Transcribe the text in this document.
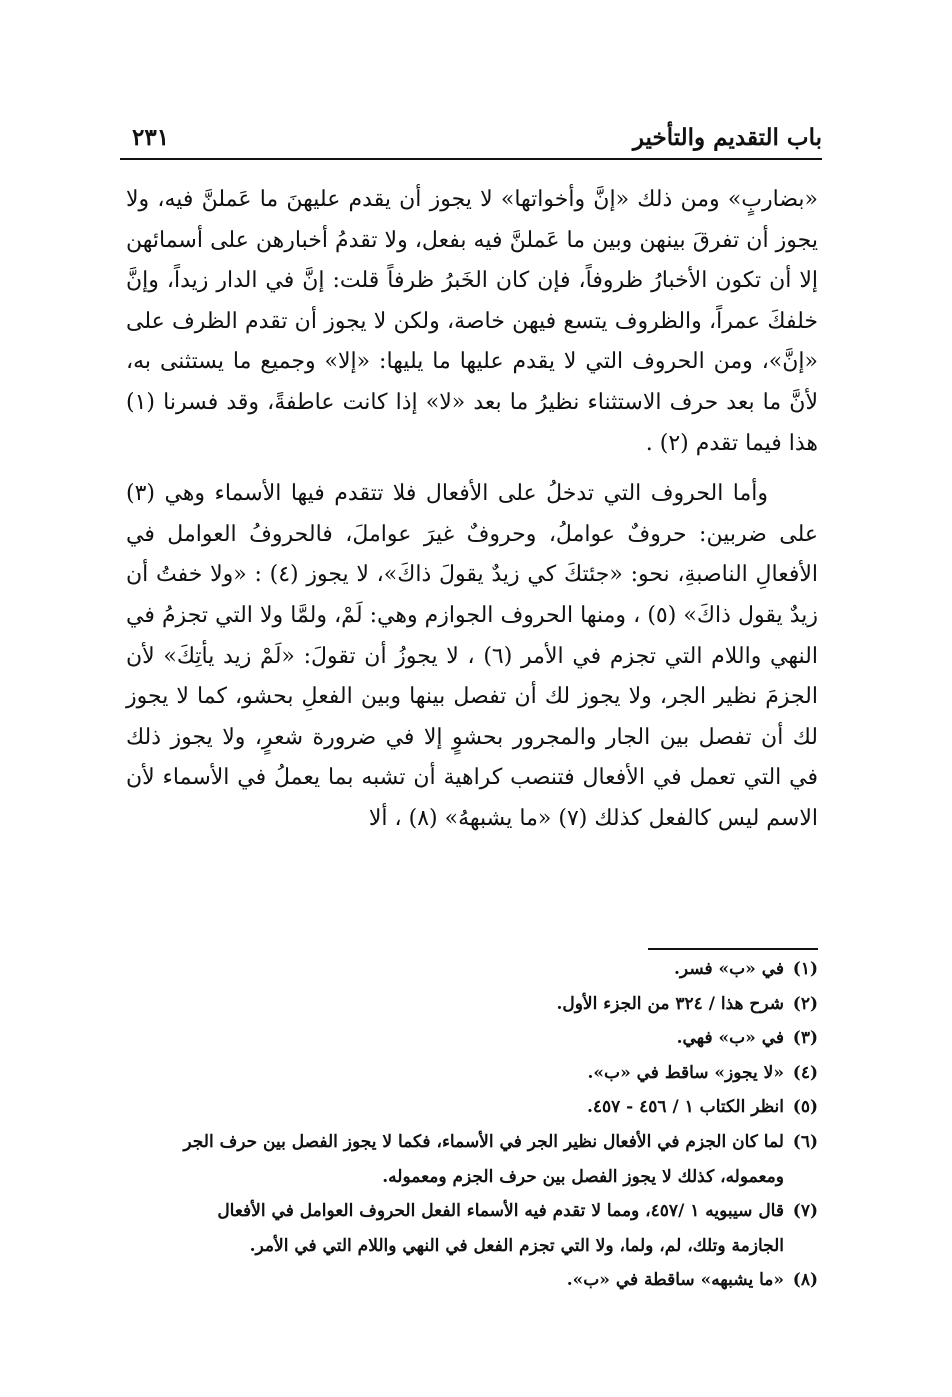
باب التقديم والتأخير
٢٣١

«بضاربٍ» ومن ذلك «إنَّ وأخواتها» لا يجوز أن يقدم عليهنَ ما عَملنَّ فيه، ولا يجوز أن تفرقَ بينهن وبين ما عَملنَّ فيه بفعل، ولا تقدمُ أخبارهن على أسمائهن إلا أن تكون الأخبارُ ظروفاً، فإن كان الخَبرُ ظرفاً قلت: إنَّ في الدار زيداً، وإنَّ خلفكَ عمراً، والظروف يتسع فيهن خاصة، ولكن لا يجوز أن تقدم الظرف على «إنَّ»، ومن الحروف التي لا يقدم عليها ما يليها: «إلا» وجميع ما يستثنى به، لأنَّ ما بعد حرف الاستثناء نظيرُ ما بعد «لا» إذا كانت عاطفةً، وقد فسرنا (١) هذا فيما تقدم (٢) .

وأما الحروف التي تدخلُ على الأفعال فلا تتقدم فيها الأسماء وهي (٣) على ضربين: حروفٌ عواملُ، وحروفٌ غيرَ عواملَ، فالحروفُ العوامل في الأفعالِ الناصبةِ، نحو: «جئتكَ كي زيدٌ يقولَ ذاكَ»، لا يجوز (٤) : «ولا خفتُ أن زيدٌ يقول ذاكَ» (٥) ، ومنها الحروف الجوازم وهي: لَمْ، ولمَّا ولا التي تجزمُ في النهي واللام التي تجزم في الأمر (٦) ، لا يجوزُ أن تقولَ: «لَمْ زيد يأتِكَ» لأن الجزمَ نظير الجر، ولا يجوز لك أن تفصل بينها وبين الفعلِ بحشو، كما لا يجوز لك أن تفصل بين الجار والمجرور بحشوٍ إلا في ضرورة شعرٍ، ولا يجوز ذلك في التي تعمل في الأفعال فتنصب كراهية أن تشبه بما يعملُ في الأسماء لأن الاسم ليس كالفعل كذلك (٧) «ما يشبههُ» (٨) ، ألا

(١)في «ب» فسر.
(٢)شرح هذا / ٣٢٤ من الجزء الأول.
(٣)في «ب» فهي.
(٤)«لا يجوز» ساقط في «ب».
(٥)انظر الكتاب ١ / ٤٥٦ - ٤٥٧.
(٦)لما كان الجزم في الأفعال نظير الجر في الأسماء، فكما لا يجوز الفصل بين حرف الجر
ومعموله، كذلك لا يجوز الفصل بين حرف الجزم ومعموله.
(٧)قال سيبويه ١ /٤٥٧، ومما لا تقدم فيه الأسماء الفعل الحروف العوامل في الأفعال
الجازمة وتلك، لم، ولما، ولا التي تجزم الفعل في النهي واللام التي في الأمر.
(٨)«ما يشبهه» ساقطة في «ب».
